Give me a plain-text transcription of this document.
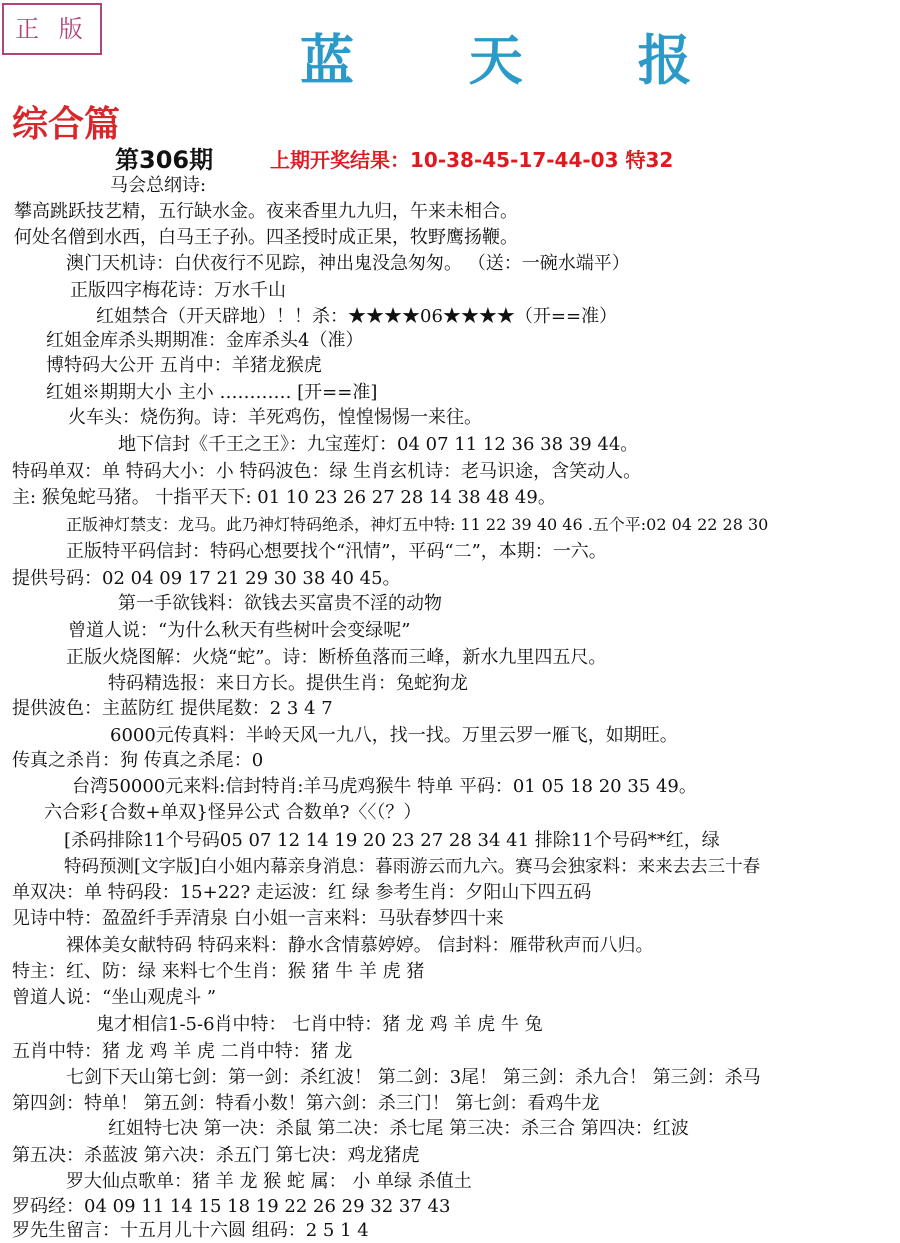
正 版	蓝 天 报
综合篇
第306期	上期开奖结果：10-38-45-17-44-03 特32
马会总纲诗:
攀高跳跃技艺精，五行缺水金。夜来香里九九归，午来未相合。
何处名僧到水西，白马王子孙。四圣授时成正果，牧野鹰扬鞭。
澳门天机诗：白伏夜行不见踪，神出鬼没急匆匆。 （送：一碗水端平）
正版四字梅花诗：万水千山
红姐禁合（开天辟地）！！杀：★★★★06★★★★（开==准）
红姐金库杀头期期准：金库杀头4（准）
博特码大公开 五肖中：羊猪龙猴虎
红姐※期期大小 主小 ………… [开==准]
火车头：烧伤狗。诗：羊死鸡伤，惶惶惕惕一来往。
地下信封《千王之王》：九宝莲灯：04 07 11 12 36 38 39 44。
特码单双：单 特码大小：小 特码波色：绿 生肖玄机诗：老马识途，含笑动人。
主: 猴兔蛇马猪。 十指平天下: 01 10 23 26 27 28 14 38 48 49。
正版神灯禁支：龙马。此乃神灯特码绝杀，神灯五中特: 11 22 39 40 46 .五个平:02 04 22 28 30
正版特平码信封：特码心想要找个“汛情”，平码“二”，本期：一六。
提供号码：02 04 09 17 21 29 30 38 40 45。
第一手欲钱料：欲钱去买富贵不淫的动物
曾道人说：“为什么秋天有些树叶会变绿呢”
正版火烧图解：火烧“蛇”。诗：断桥鱼落而三峰，新水九里四五尺。
特码精选报：来日方长。提供生肖：兔蛇狗龙
提供波色：主蓝防红 提供尾数：2 3 4 7
6000元传真料：半岭天风一九八，找一找。万里云罗一雁飞，如期旺。
传真之杀肖：狗 传真之杀尾：0
台湾50000元来料:信封特肖:羊马虎鸡猴牛 特单 平码：01 05 18 20 35 49。
六合彩{合数+单双}怪异公式 合数单?〈〈（？）
[杀码排除11个号码05 07 12 14 19 20 23 27 28 34 41 排除11个号码**红，绿
特码预测[文字版]白小姐内幕亲身消息：暮雨游云而九六。赛马会独家料：来来去去三十春
单双决：单 特码段：15+22? 走运波：红 绿 参考生肖：夕阳山下四五码
见诗中特：盈盈纤手弄清泉 白小姐一言来料：马驮春梦四十来
裸体美女献特码 特码来料：静水含情慕婷婷。 信封料：雁带秋声而八归。
特主：红、防：绿 来料七个生肖：猴 猪 牛 羊 虎 猪
曾道人说：“坐山观虎斗 ”
鬼才相信1-5-6肖中特： 七肖中特：猪 龙 鸡 羊 虎 牛 兔
五肖中特：猪 龙 鸡 羊 虎 二肖中特：猪 龙
七剑下天山第七剑：第一剑：杀红波！ 第二剑：3尾！ 第三剑：杀九合！ 第三剑：杀马
第四剑：特单！ 第五剑：特看小数！第六剑：杀三门！ 第七剑：看鸡牛龙
红姐特七决 第一决：杀鼠 第二决：杀七尾 第三决：杀三合 第四决：红波
第五决：杀蓝波 第六决：杀五门 第七决：鸡龙猪虎
罗大仙点歌单：猪 羊 龙 猴 蛇 属： 小 单绿 杀值土
罗码经：04 09 11 14 15 18 19 22 26 29 32 37 43
罗先生留言：十五月儿十六圆 组码：2 5 1 4
